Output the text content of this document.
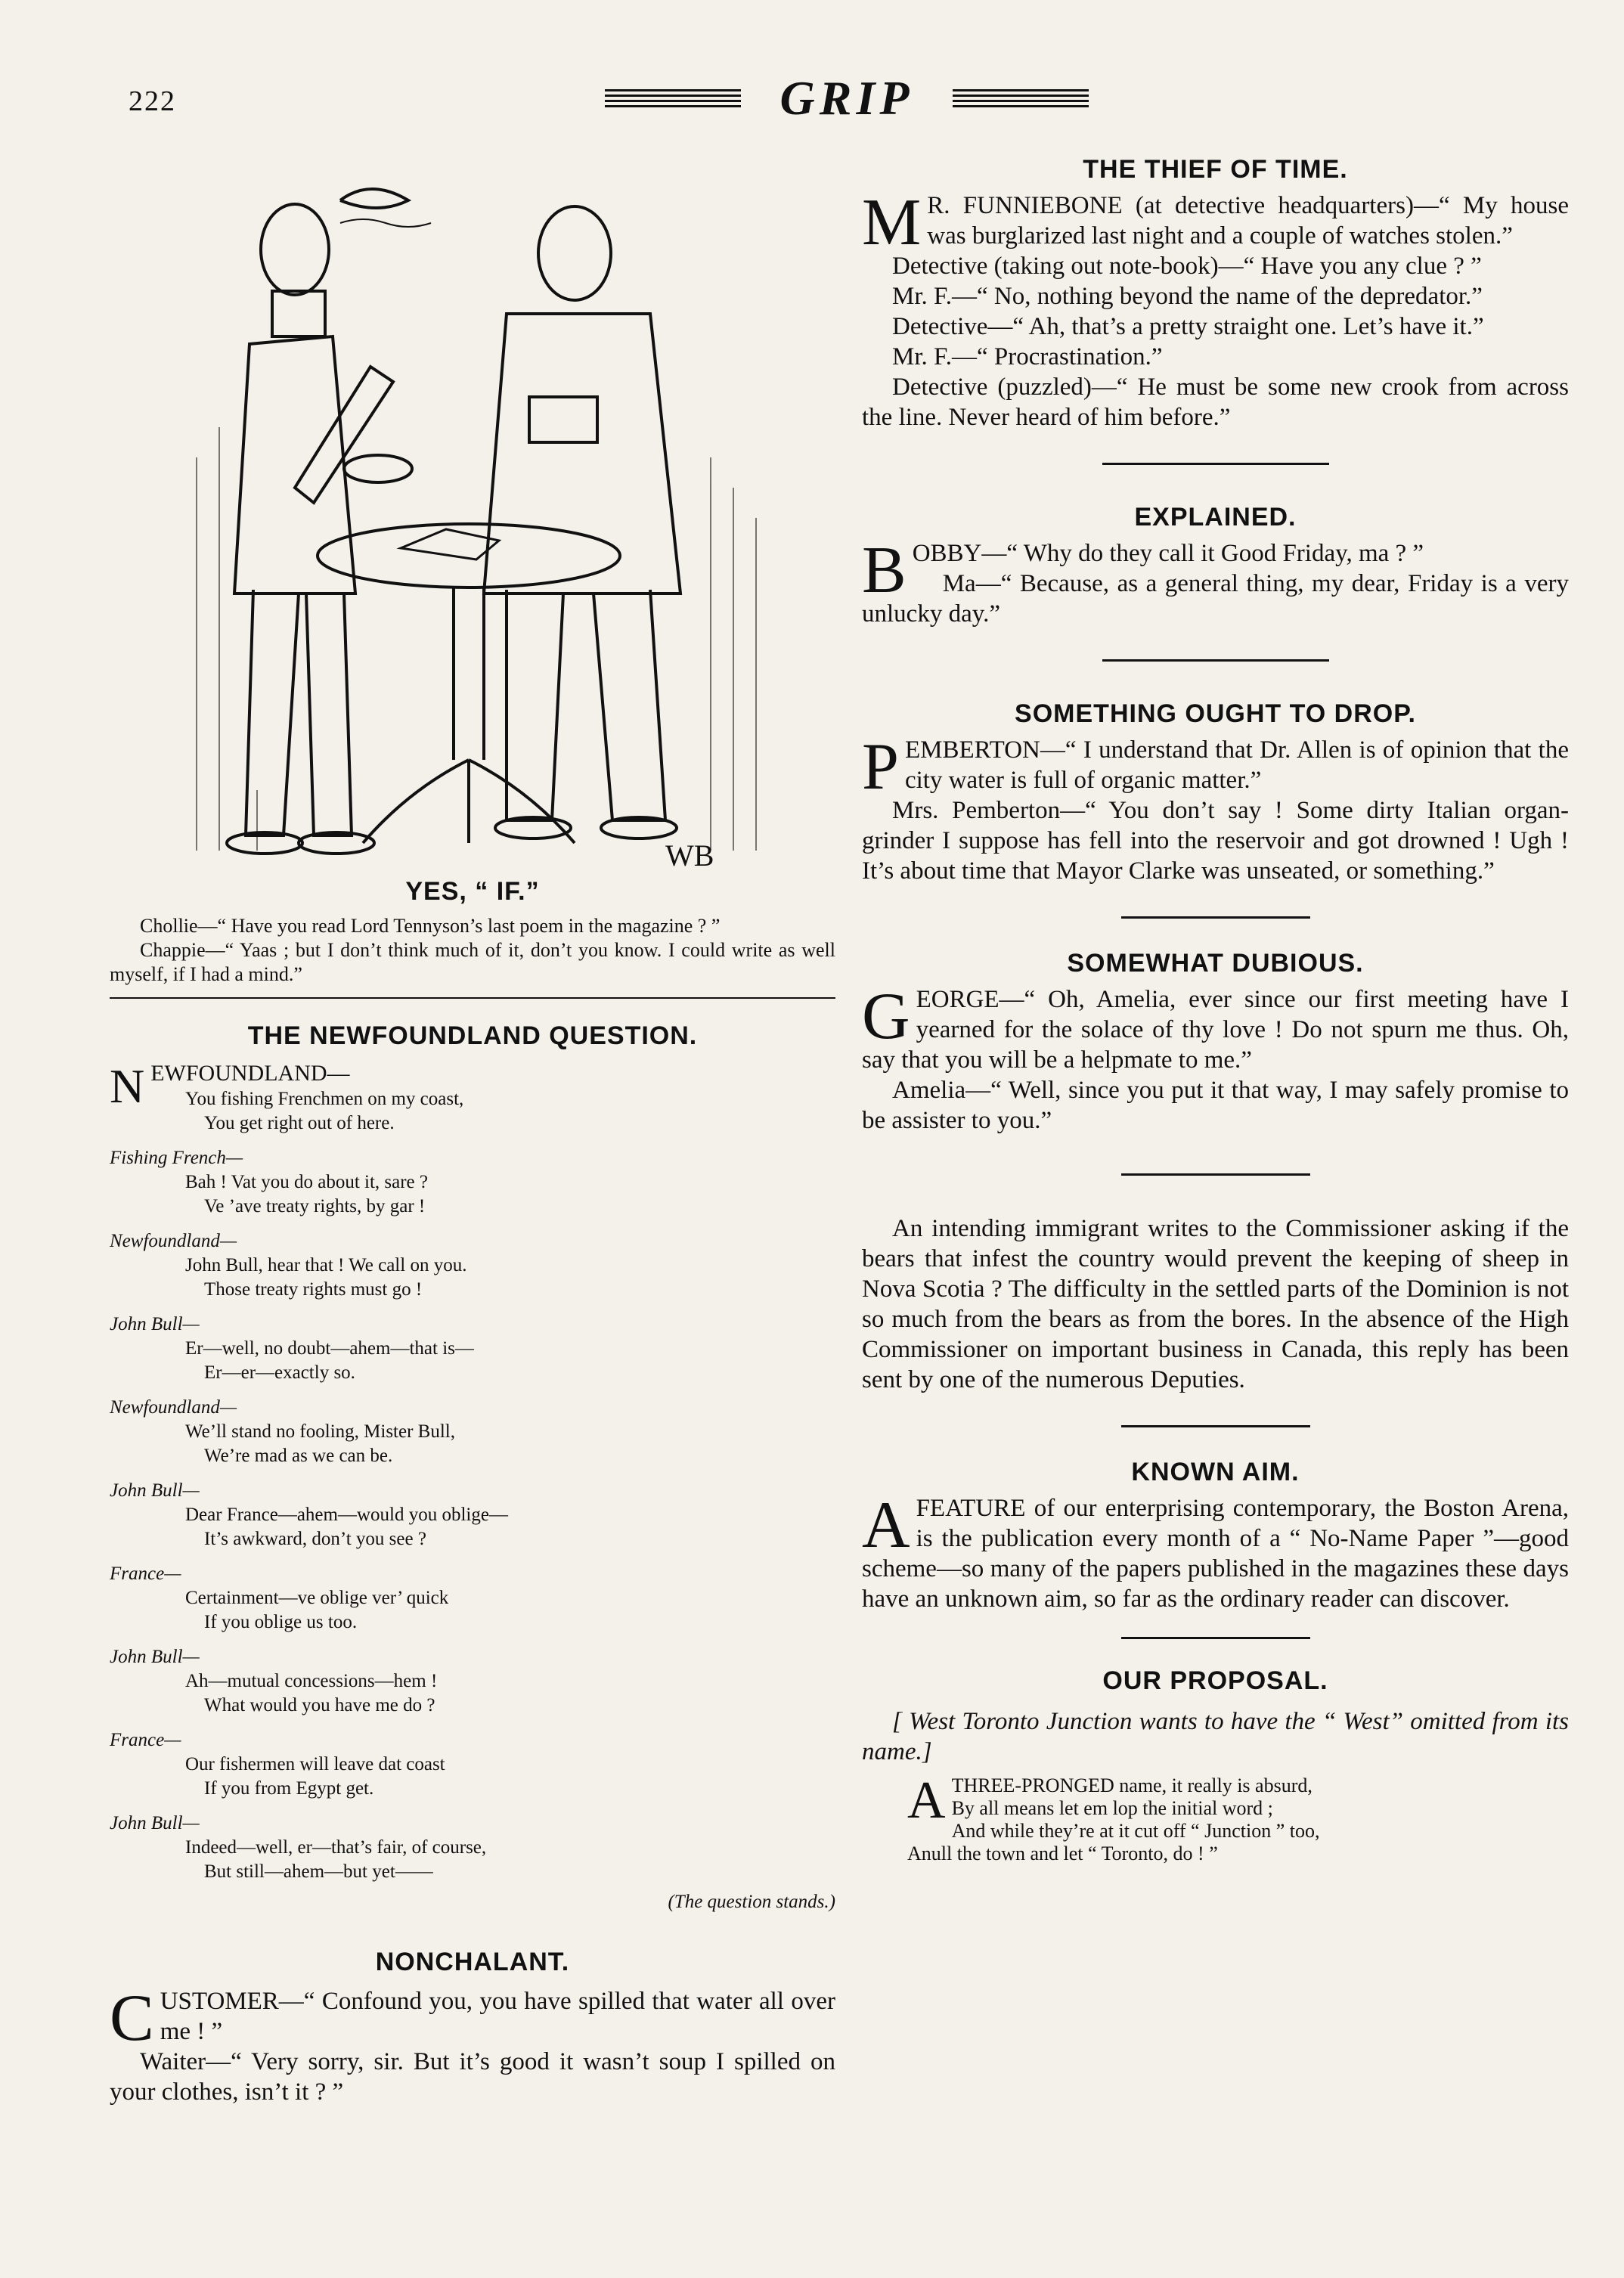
222	GRIP
WB
YES, “ IF.”
Chollie—“ Have you read Lord Tennyson’s last poem in the magazine ? ”
Chappie—“ Yaas ; but I don’t think much of it, don’t you know. I could write as well myself, if I had a mind.”
THE NEWFOUNDLAND QUESTION.
NEWFOUNDLAND—
You fishing Frenchmen on my coast,
You get right out of here.
Fishing French—
Bah ! Vat you do about it, sare ?
Ve ’ave treaty rights, by gar !
Newfoundland—
John Bull, hear that ! We call on you.
Those treaty rights must go !
John Bull—
Er—well, no doubt—ahem—that is—
Er—er—exactly so.
Newfoundland—
We’ll stand no fooling, Mister Bull,
We’re mad as we can be.
John Bull—
Dear France—ahem—would you oblige—
It’s awkward, don’t you see ?
France—
Certainment—ve oblige ver’ quick
If you oblige us too.
John Bull—
Ah—mutual concessions—hem !
What would you have me do ?
France—
Our fishermen will leave dat coast
If you from Egypt get.
John Bull—
Indeed—well, er—that’s fair, of course,
But still—ahem—but yet——
(The question stands.)
NONCHALANT.

CUSTOMER—“ Confound you, you have spilled that water all over me ! ”

Waiter—“ Very sorry, sir. But it’s good it wasn’t soup I spilled on your clothes, isn’t it ? ”

THE THIEF OF TIME.

M R. FUNNIEBONE (at detective headquarters)—“ My house was burglarized last night and a couple of watches stolen.”

Detective (taking out note-book)—“ Have you any clue ? ”

Mr. F.—“ No, nothing beyond the name of the depredator.”

Detective—“ Ah, that’s a pretty straight one. Let’s have it.”

Mr. F.—“ Procrastination.”

Detective (puzzled)—“ He must be some new crook from across the line. Never heard of him before.”

EXPLAINED.

BOBBY—“ Why do they call it Good Friday, ma ? ”

Ma—“ Because, as a general thing, my dear, Friday is a very unlucky day.”

SOMETHING OUGHT TO DROP.

PEMBERTON—“ I understand that Dr. Allen is of opinion that the city water is full of organic matter.”

Mrs. Pemberton—“ You don’t say ! Some dirty Italian organ-grinder I suppose has fell into the reservoir and got drowned ! Ugh ! It’s about time that Mayor Clarke was unseated, or something.”

SOMEWHAT DUBIOUS.

GEORGE—“ Oh, Amelia, ever since our first meeting have I yearned for the solace of thy love ! Do not spurn me thus. Oh, say that you will be a helpmate to me.”

Amelia—“ Well, since you put it that way, I may safely promise to be assister to you.”

An intending immigrant writes to the Commissioner asking if the bears that infest the country would prevent the keeping of sheep in Nova Scotia ? The difficulty in the settled parts of the Dominion is not so much from the bears as from the bores. In the absence of the High Commissioner on important business in Canada, this reply has been sent by one of the numerous Deputies.

KNOWN AIM.

A FEATURE of our enterprising contemporary, the Boston Arena, is the publication every month of a “ No-Name Paper ”—good scheme—so many of the papers published in the magazines these days have an unknown aim, so far as the ordinary reader can discover.

OUR PROPOSAL.

[ West Toronto Junction wants to have the “ West” omitted from its name.]

A THREE-PRONGED name, it really is absurd,
By all means let em lop the initial word ;
And while they’re at it cut off “ Junction ” too,
Anull the town and let “ Toronto, do ! ”
